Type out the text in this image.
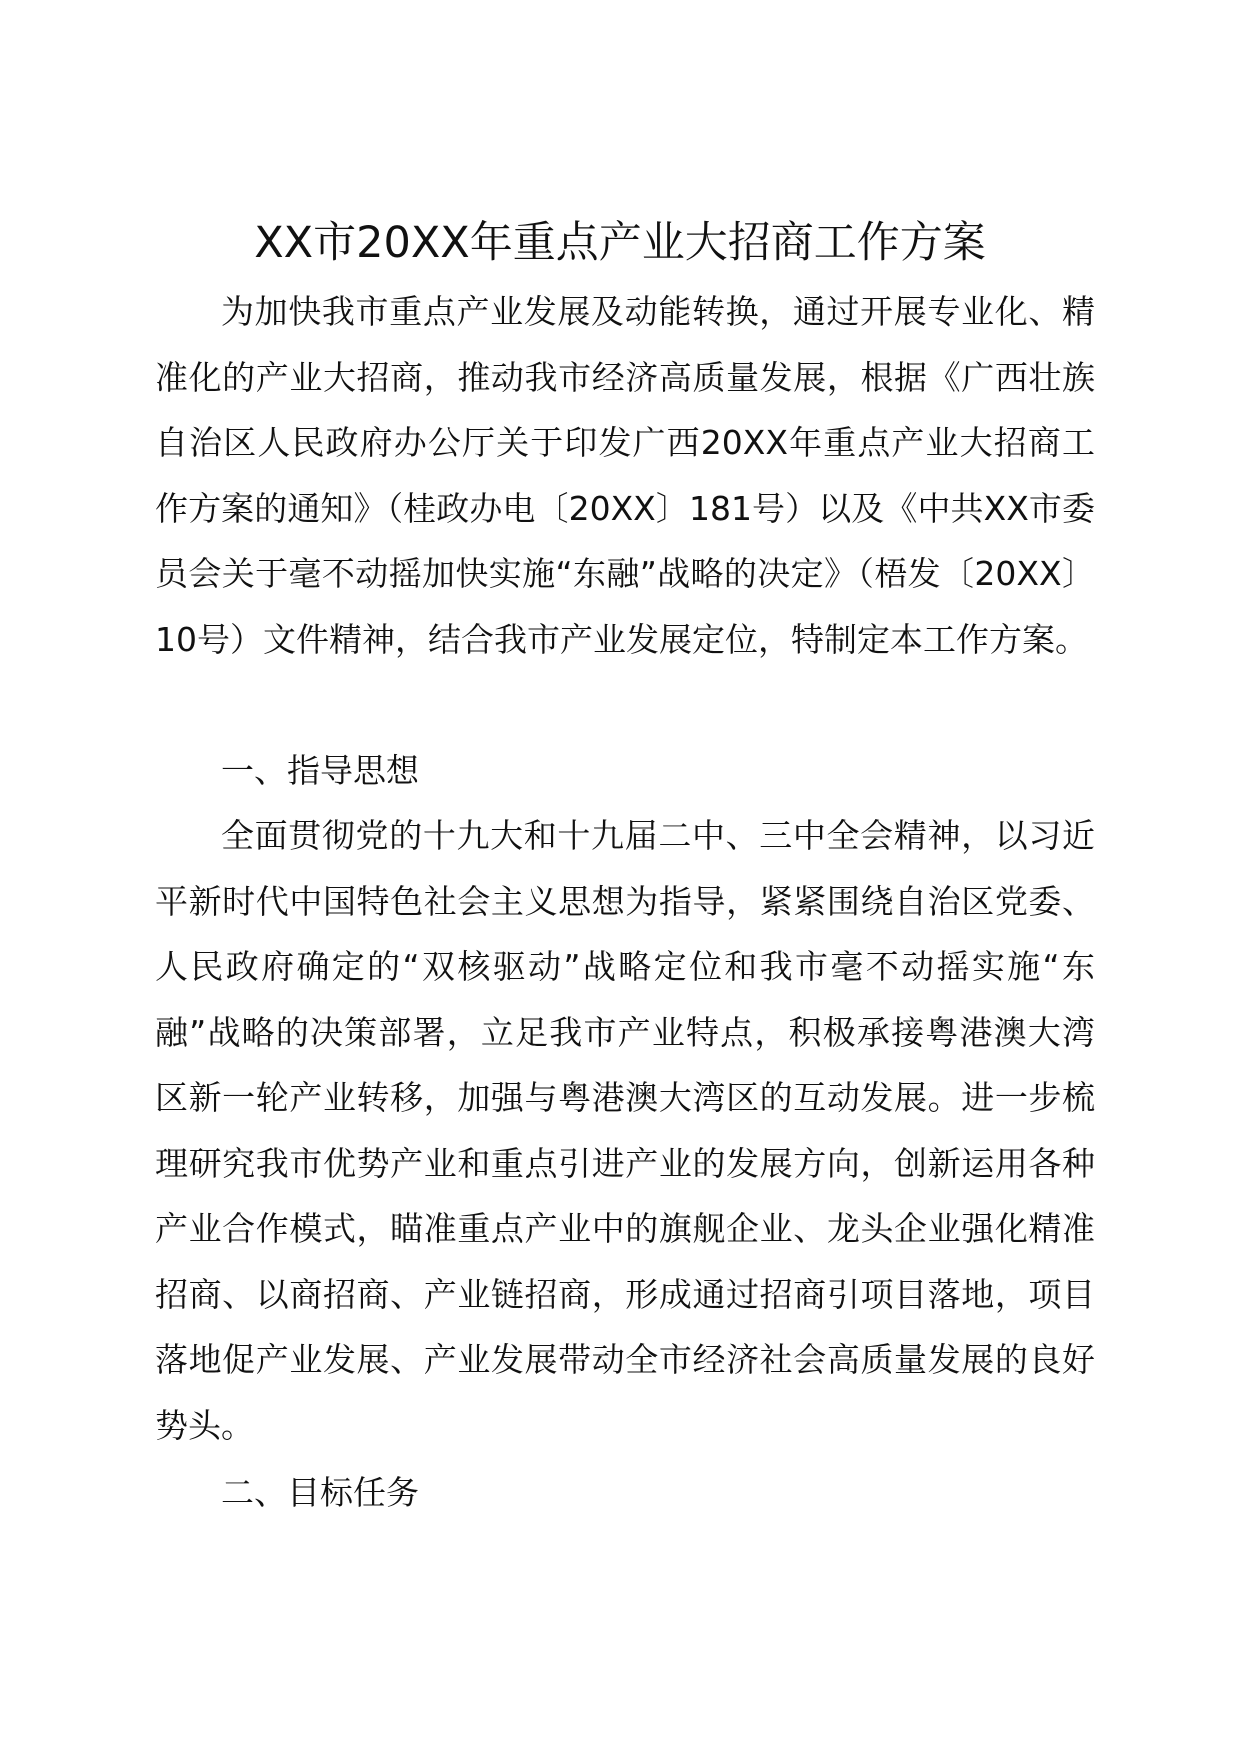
XX市20XX年重点产业大招商工作方案
为加快我市重点产业发展及动能转换，通过开展专业化、精准化的产业大招商，推动我市经济高质量发展，根据《广西壮族自治区人民政府办公厅关于印发广西20XX年重点产业大招商工作方案的通知》（桂政办电〔20XX〕181号）以及《中共XX市委员会关于毫不动摇加快实施“东融”战略的决定》（梧发〔20XX〕10号）文件精神，结合我市产业发展定位，特制定本工作方案。
一、指导思想
全面贯彻党的十九大和十九届二中、三中全会精神，以习近平新时代中国特色社会主义思想为指导，紧紧围绕自治区党委、人民政府确定的“双核驱动”战略定位和我市毫不动摇实施“东融”战略的决策部署，立足我市产业特点，积极承接粤港澳大湾区新一轮产业转移，加强与粤港澳大湾区的互动发展。进一步梳理研究我市优势产业和重点引进产业的发展方向，创新运用各种产业合作模式，瞄准重点产业中的旗舰企业、龙头企业强化精准招商、以商招商、产业链招商，形成通过招商引项目落地，项目落地促产业发展、产业发展带动全市经济社会高质量发展的良好势头。
二、目标任务
